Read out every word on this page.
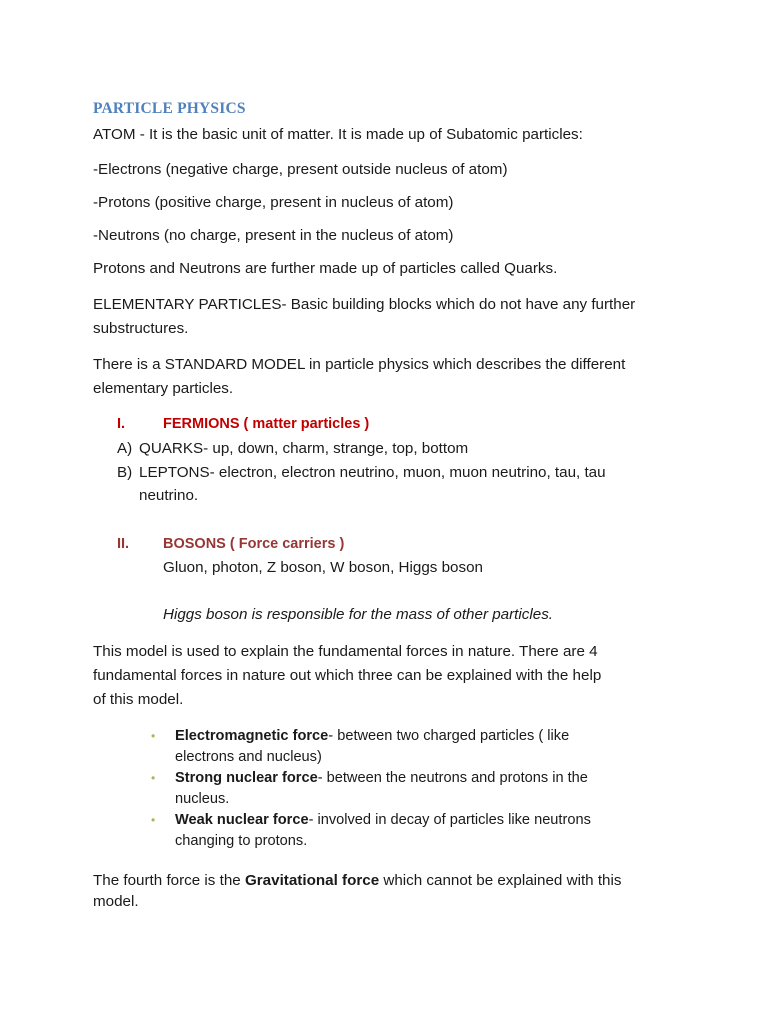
PARTICLE PHYSICS
ATOM - It is the basic unit of matter. It is made up of Subatomic particles:
-Electrons (negative charge, present outside nucleus of atom)
-Protons (positive charge, present in nucleus of atom)
-Neutrons (no charge, present in the nucleus of atom)
Protons and Neutrons are further made up of particles called Quarks.
ELEMENTARY PARTICLES- Basic building blocks which do not have any further
substructures.
There is a STANDARD MODEL in particle physics which describes the different
elementary particles.
I.	FERMIONS ( matter particles )
A) QUARKS- up, down, charm, strange, top, bottom
B) LEPTONS- electron, electron neutrino, muon, muon neutrino, tau, tau
neutrino.
II. BOSONS ( Force carriers )
Gluon, photon, Z boson, W boson, Higgs boson
Higgs boson is responsible for the mass of other particles.
This model is used to explain the fundamental forces in nature. There are 4
fundamental forces in nature out which three can be explained with the help
of this model.
• Electromagnetic force- between two charged particles ( like
electrons and nucleus)
• Strong nuclear force- between the neutrons and protons in the
nucleus.
• Weak nuclear force- involved in decay of particles like neutrons
changing to protons.
The fourth force is the Gravitational force which cannot be explained with this
model.
